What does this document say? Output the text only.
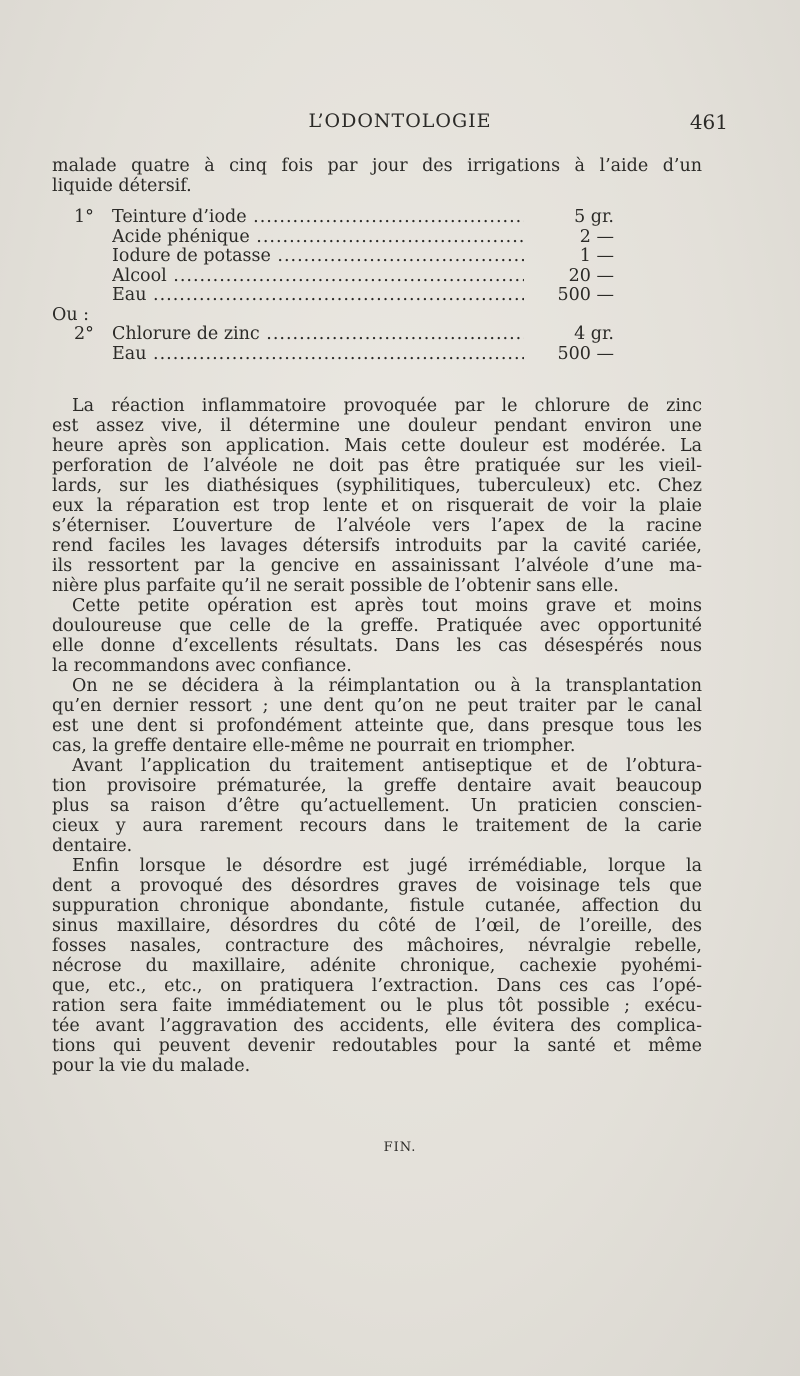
L’ODONTOLOGIE	461

malade quatre à cinq fois par jour des irrigations à l’aide d’un

liquide détersif.

1° Teinture d’iode .....	5 gr.
Acide phénique .....	2 —
Iodure de potasse .....	1 —
Alcool .....	20 —
Eau .....	500 —
Ou :
2° Chlorure de zinc .....	4 gr.
Eau .....	500 —

La réaction inflammatoire provoquée par le chlorure de zinc

est assez vive, il détermine une douleur pendant environ une

heure après son application. Mais cette douleur est modérée. La

perforation de l’alvéole ne doit pas être pratiquée sur les vieil-

lards, sur les diathésiques (syphilitiques, tuberculeux) etc. Chez

eux la réparation est trop lente et on risquerait de voir la plaie

s’éterniser. L’ouverture de l’alvéole vers l’apex de la racine

rend faciles les lavages détersifs introduits par la cavité cariée,

ils ressortent par la gencive en assainissant l’alvéole d’une ma-

nière plus parfaite qu’il ne serait possible de l’obtenir sans elle.

Cette petite opération est après tout moins grave et moins

douloureuse que celle de la greffe. Pratiquée avec opportunité

elle donne d’excellents résultats. Dans les cas désespérés nous

la recommandons avec confiance.

On ne se décidera à la réimplantation ou à la transplantation

qu’en dernier ressort ; une dent qu’on ne peut traiter par le canal

est une dent si profondément atteinte que, dans presque tous les

cas, la greffe dentaire elle-même ne pourrait en triompher.

Avant l’application du traitement antiseptique et de l’obtura-

tion provisoire prématurée, la greffe dentaire avait beaucoup

plus sa raison d’être qu’actuellement. Un praticien conscien-

cieux y aura rarement recours dans le traitement de la carie

dentaire.

Enfin lorsque le désordre est jugé irrémédiable, lorque la

dent a provoqué des désordres graves de voisinage tels que

suppuration chronique abondante, fistule cutanée, affection du

sinus maxillaire, désordres du côté de l’œil, de l’oreille, des

fosses nasales, contracture des mâchoires, névralgie rebelle,

nécrose du maxillaire, adénite chronique, cachexie pyohémi-

que, etc., etc., on pratiquera l’extraction. Dans ces cas l’opé-

ration sera faite immédiatement ou le plus tôt possible ; exécu-

tée avant l’aggravation des accidents, elle évitera des complica-

tions qui peuvent devenir redoutables pour la santé et même

pour la vie du malade.

FIN.
